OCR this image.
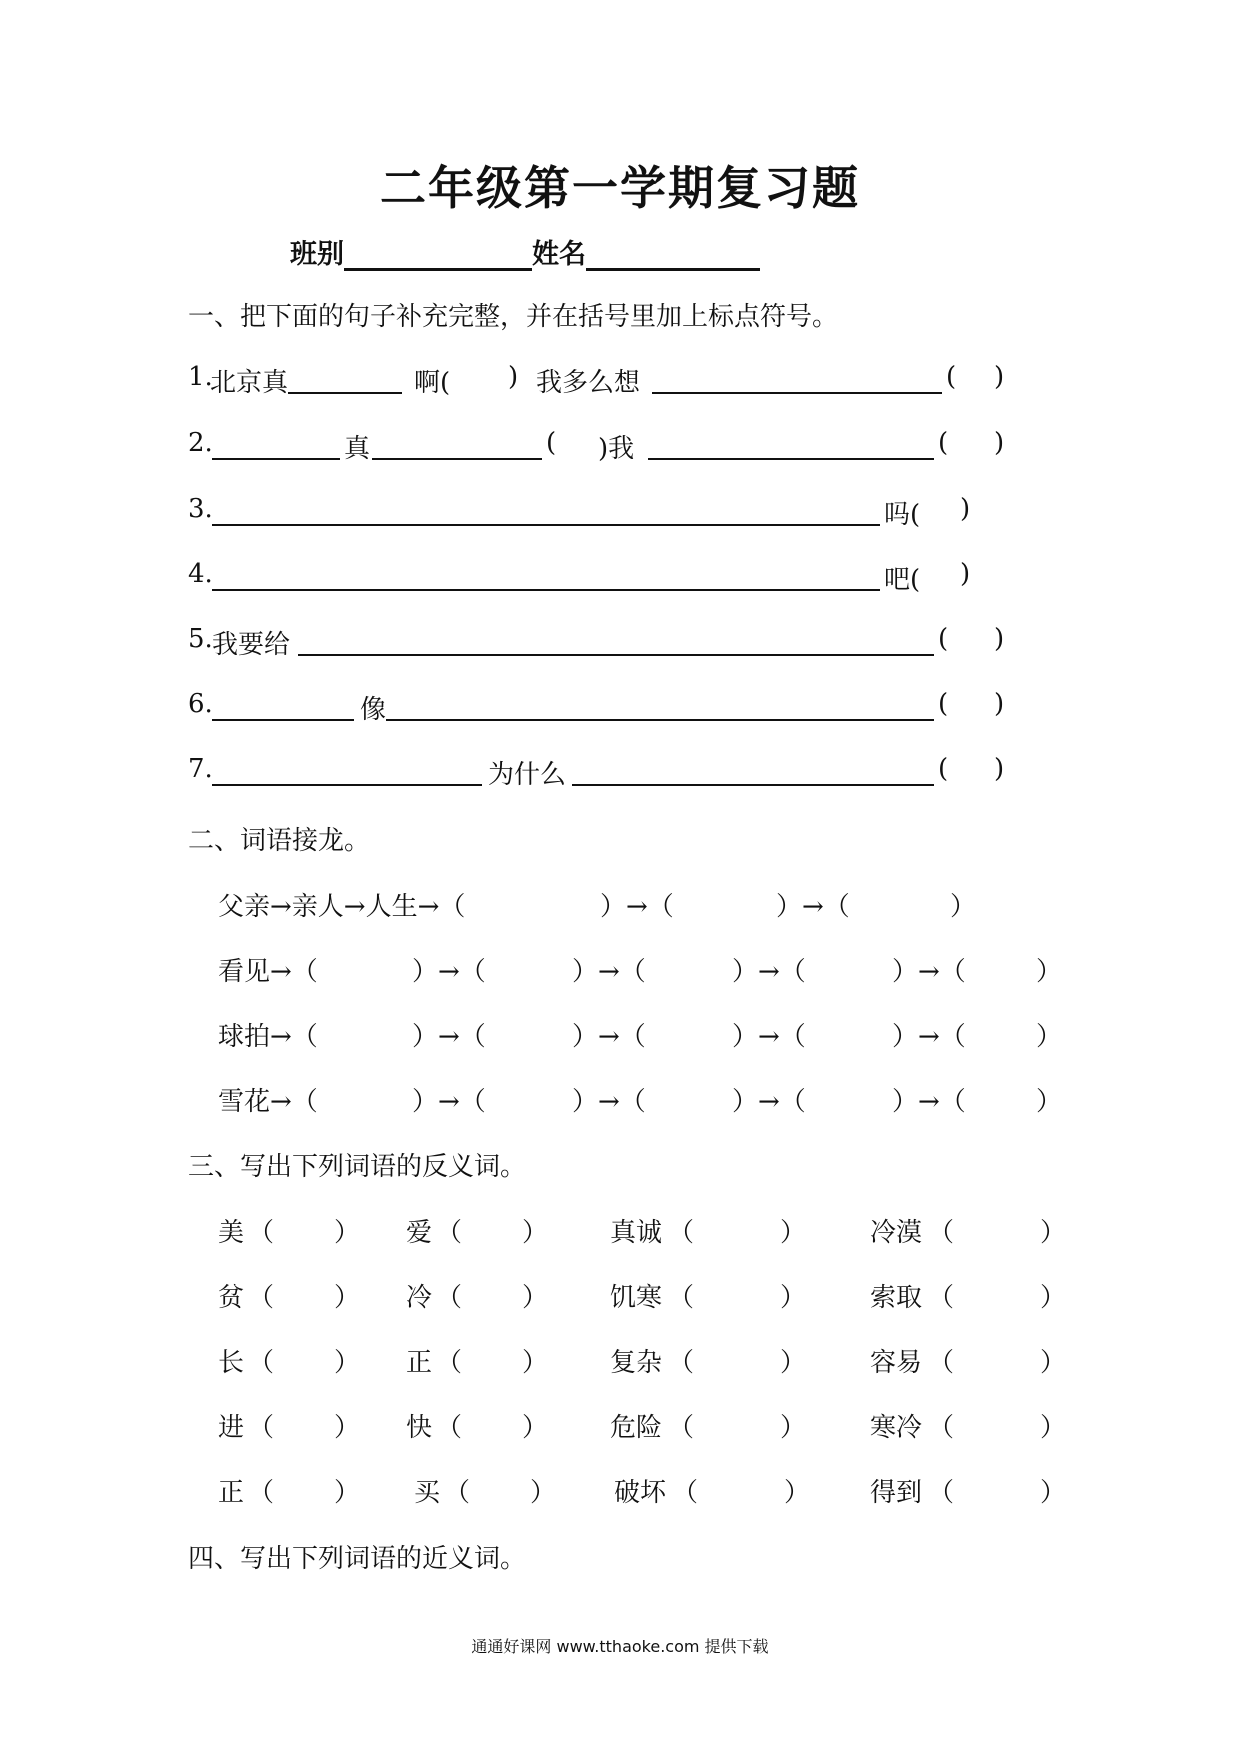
二年级第一学期复习题
班别	姓名
一、把下面的句子补充完整，并在括号里加上标点符号。
1.
北京真	啊( ) 我多么想	( )
2.	真	( )我	( )
3.	吗( )
4.	吧( )
5. 我要给	( )
6.	像	( )
7.	为什么	( )
二、词语接龙。
父亲→亲人→人生→（	）→（	）→（	）
看见→（	）→（	）→（	）→（	）→（	）
球拍→（	）→（	）→（	）→（	）→（	）
雪花→（	）→（	）→（	）→（	）→（	）
三、写出下列词语的反义词。
美 （ ） 爱 （ ） 真诚 （	） 冷漠 （	）
贫 （ ） 冷 （ ） 饥寒 （	） 索取 （	）
长 （ ） 正 （ ） 复杂 （	） 容易 （	）
进 （ ） 快 （ ） 危险 （	） 寒冷 （	）
正 （ ） 买 （ ） 破坏 （	） 得到 （	）
四、写出下列词语的近义词。
通通好课网 www.tthaoke.com 提供下载
